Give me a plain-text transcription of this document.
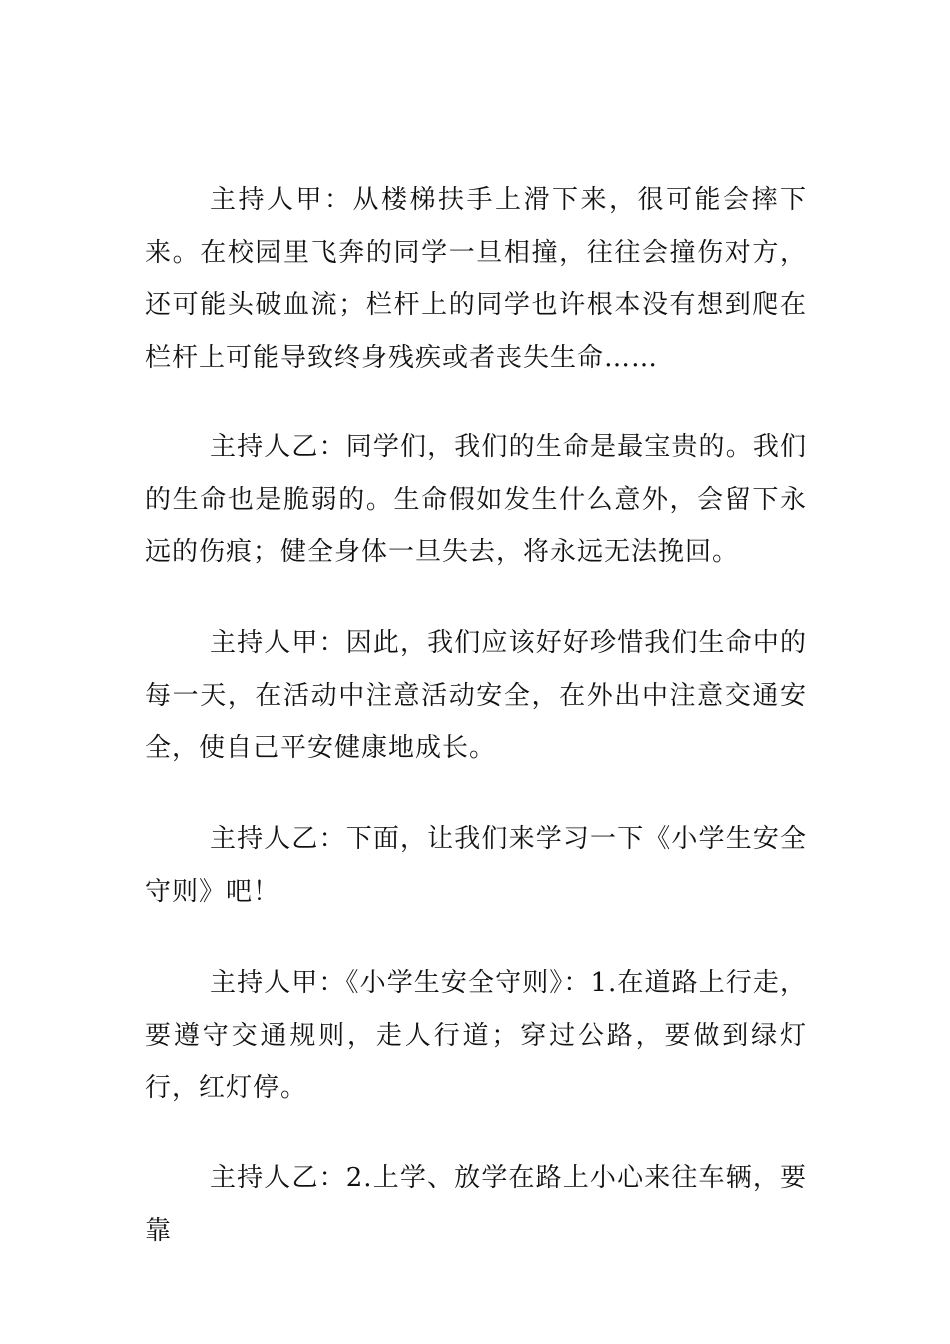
主持人甲：从楼梯扶手上滑下来，很可能会摔下来。在校园里飞奔的同学一旦相撞，往往会撞伤对方，还可能头破血流；栏杆上的同学也许根本没有想到爬在栏杆上可能导致终身残疾或者丧失生命……

主持人乙：同学们，我们的生命是最宝贵的。我们的生命也是脆弱的。生命假如发生什么意外，会留下永远的伤痕；健全身体一旦失去，将永远无法挽回。

主持人甲：因此，我们应该好好珍惜我们生命中的每一天，在活动中注意活动安全，在外出中注意交通安全，使自己平安健康地成长。

主持人乙：下面，让我们来学习一下《小学生安全守则》吧！

主持人甲：《小学生安全守则》：1.在道路上行走，要遵守交通规则，走人行道；穿过公路，要做到绿灯行，红灯停。

主持人乙：2.上学、放学在路上小心来往车辆，要靠
